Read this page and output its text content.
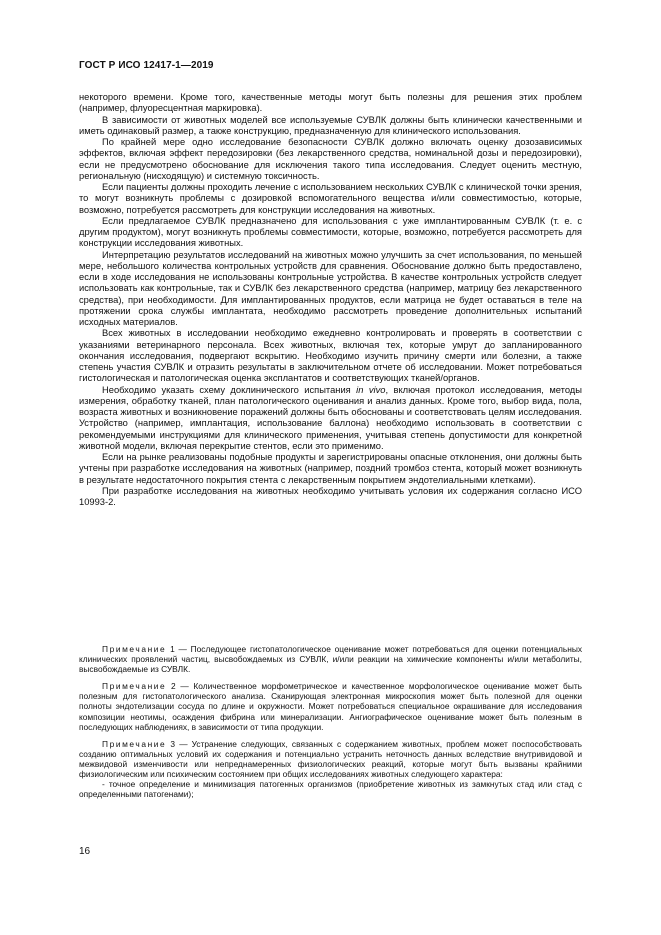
ГОСТ Р ИСО 12417-1—2019

некоторого времени. Кроме того, качественные методы могут быть полезны для решения этих проблем (например, флуоресцентная маркировка).

В зависимости от животных моделей все используемые СУВЛК должны быть клинически качественными и иметь одинаковый размер, а также конструкцию, предназначенную для клинического использования.

По крайней мере одно исследование безопасности СУВЛК должно включать оценку дозозависимых эффектов, включая эффект передозировки (без лекарственного средства, номинальной дозы и передозировки), если не предусмотрено обоснование для исключения такого типа исследования. Следует оценить местную, региональную (нисходящую) и системную токсичность.

Если пациенты должны проходить лечение с использованием нескольких СУВЛК с клинической точки зрения, то могут возникнуть проблемы с дозировкой вспомогательного вещества и/или совместимостью, которые, возможно, потребуется рассмотреть для конструкции исследования на животных.

Если предлагаемое СУВЛК предназначено для использования с уже имплантированным СУВЛК (т. е. с другим продуктом), могут возникнуть проблемы совместимости, которые, возможно, потребуется рассмотреть для конструкции исследования животных.

Интерпретацию результатов исследований на животных можно улучшить за счет использования, по меньшей мере, небольшого количества контрольных устройств для сравнения. Обоснование должно быть предоставлено, если в ходе исследования не использованы контрольные устройства. В качестве контрольных устройств следует использовать как контрольные, так и СУВЛК без лекарственного средства (например, матрицу без лекарственного средства), при необходимости. Для имплантированных продуктов, если матрица не будет оставаться в теле на протяжении срока службы имплантата, необходимо рассмотреть проведение дополнительных испытаний исходных материалов.

Всех животных в исследовании необходимо ежедневно контролировать и проверять в соответствии с указаниями ветеринарного персонала. Всех животных, включая тех, которые умрут до запланированного окончания исследования, подвергают вскрытию. Необходимо изучить причину смерти или болезни, а также степень участия СУВЛК и отразить результаты в заключительном отчете об исследовании. Может потребоваться гистологическая и патологическая оценка эксплантатов и соответствующих тканей/органов.

Необходимо указать схему доклинического испытания in vivo, включая протокол исследования, методы измерения, обработку тканей, план патологического оценивания и анализ данных. Кроме того, выбор вида, пола, возраста животных и возникновение поражений должны быть обоснованы и соответствовать целям исследования. Устройство (например, имплантация, использование баллона) необходимо использовать в соответствии с рекомендуемыми инструкциями для клинического применения, учитывая степень допустимости для конкретной животной модели, включая перекрытие стентов, если это применимо.

Если на рынке реализованы подобные продукты и зарегистрированы опасные отклонения, они должны быть учтены при разработке исследования на животных (например, поздний тромбоз стента, который может возникнуть в результате недостаточного покрытия стента с лекарственным покрытием эндотелиальными клетками).

При разработке исследования на животных необходимо учитывать условия их содержания согласно ИСО 10993-2.

Примечание 1 — Последующее гистопатологическое оценивание может потребоваться для оценки потенциальных клинических проявлений частиц, высвобождаемых из СУВЛК, и/или реакции на химические компоненты и/или метаболиты, высвобождаемые из СУВЛК.

Примечание 2 — Количественное морфометрическое и качественное морфологическое оценивание может быть полезным для гистопатологического анализа. Сканирующая электронная микроскопия может быть полезной для оценки полноты эндотелизации сосуда по длине и окружности. Может потребоваться специальное окрашивание для исследования композиции неотимы, осаждения фибрина или минерализации. Ангиографическое оценивание может быть полезным в последующих наблюдениях, в зависимости от типа продукции.

Примечание 3 — Устранение следующих, связанных с содержанием животных, проблем может поспособствовать созданию оптимальных условий их содержания и потенциально устранить неточность данных вследствие внутривидовой и межвидовой изменчивости или непреднамеренных физиологических реакций, которые могут быть вызваны крайними физиологическим или психическим состоянием при общих исследованиях животных следующего характера:

- точное определение и минимизация патогенных организмов (приобретение животных из замкнутых стад или стад с определенными патогенами);

16
